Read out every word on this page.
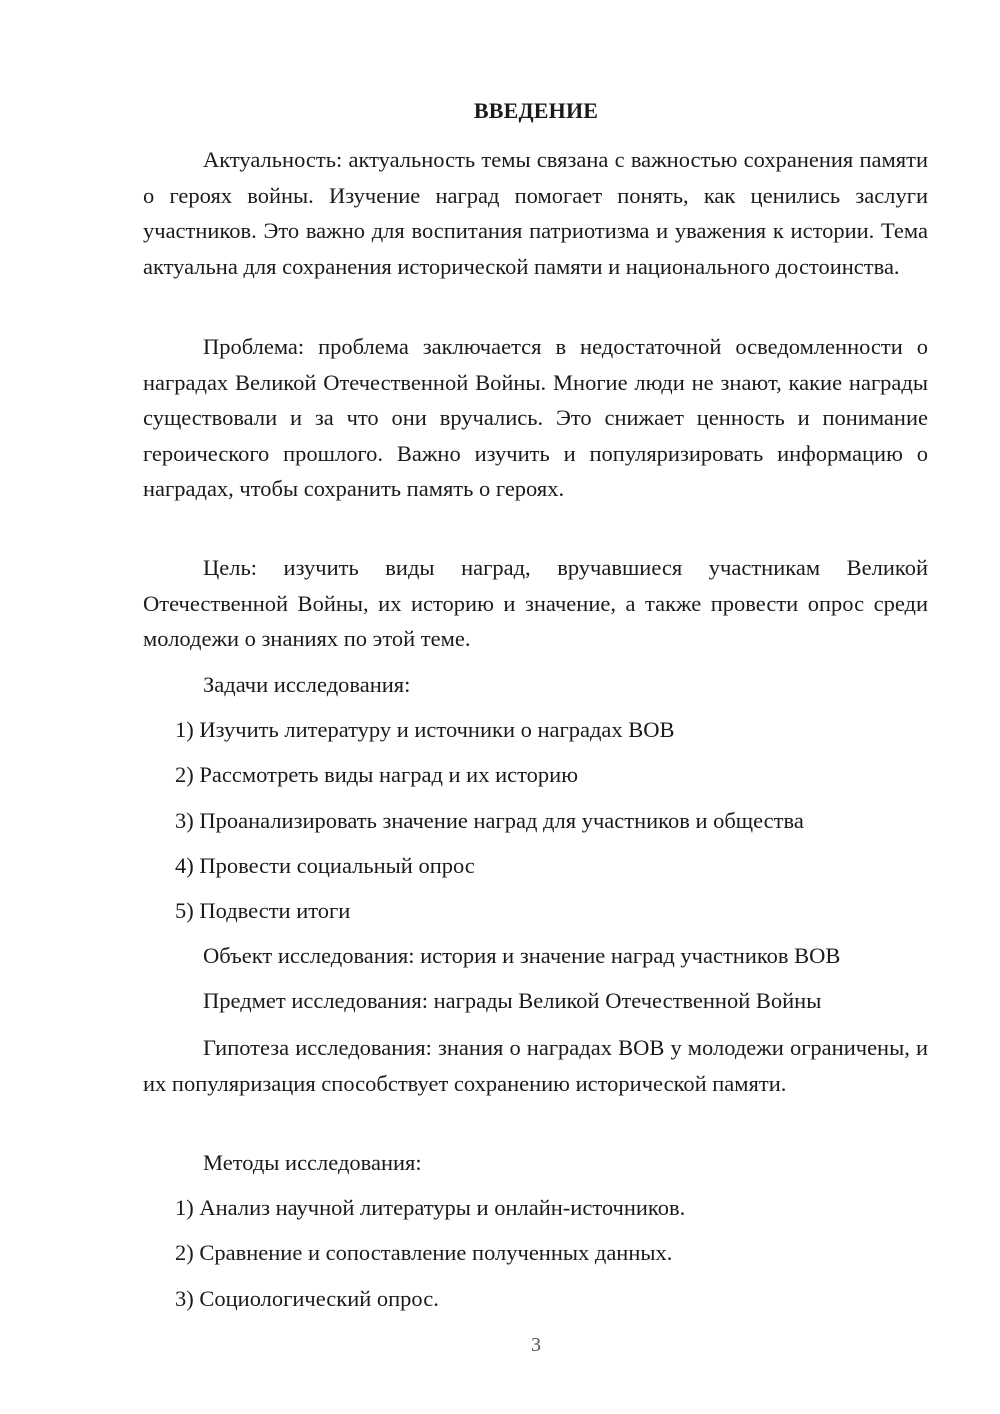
ВВЕДЕНИЕ

Актуальность: актуальность темы связана с важностью сохранения памяти о героях войны. Изучение наград помогает понять, как ценились заслуги участников. Это важно для воспитания патриотизма и уважения к истории. Тема актуальна для сохранения исторической памяти и национального достоинства.

Проблема: проблема заключается в недостаточной осведомленности о наградах Великой Отечественной Войны. Многие люди не знают, какие награды существовали и за что они вручались. Это снижает ценность и понимание героического прошлого. Важно изучить и популяризировать информацию о наградах, чтобы сохранить память о героях.

Цель: изучить виды наград, вручавшиеся участникам Великой Отечественной Войны, их историю и значение, а также провести опрос среди молодежи о знаниях по этой теме.

Задачи исследования:

1) Изучить литературу и источники о наградах ВОВ

2) Рассмотреть виды наград и их историю

3) Проанализировать значение наград для участников и общества

4) Провести социальный опрос

5) Подвести итоги

Объект исследования: история и значение наград участников ВОВ

Предмет исследования: награды Великой Отечественной Войны

Гипотеза исследования: знания о наградах ВОВ у молодежи ограничены, и их популяризация способствует сохранению исторической памяти.

Методы исследования:

1) Анализ научной литературы и онлайн-источников.

2) Сравнение и сопоставление полученных данных.

3) Социологический опрос.

3
